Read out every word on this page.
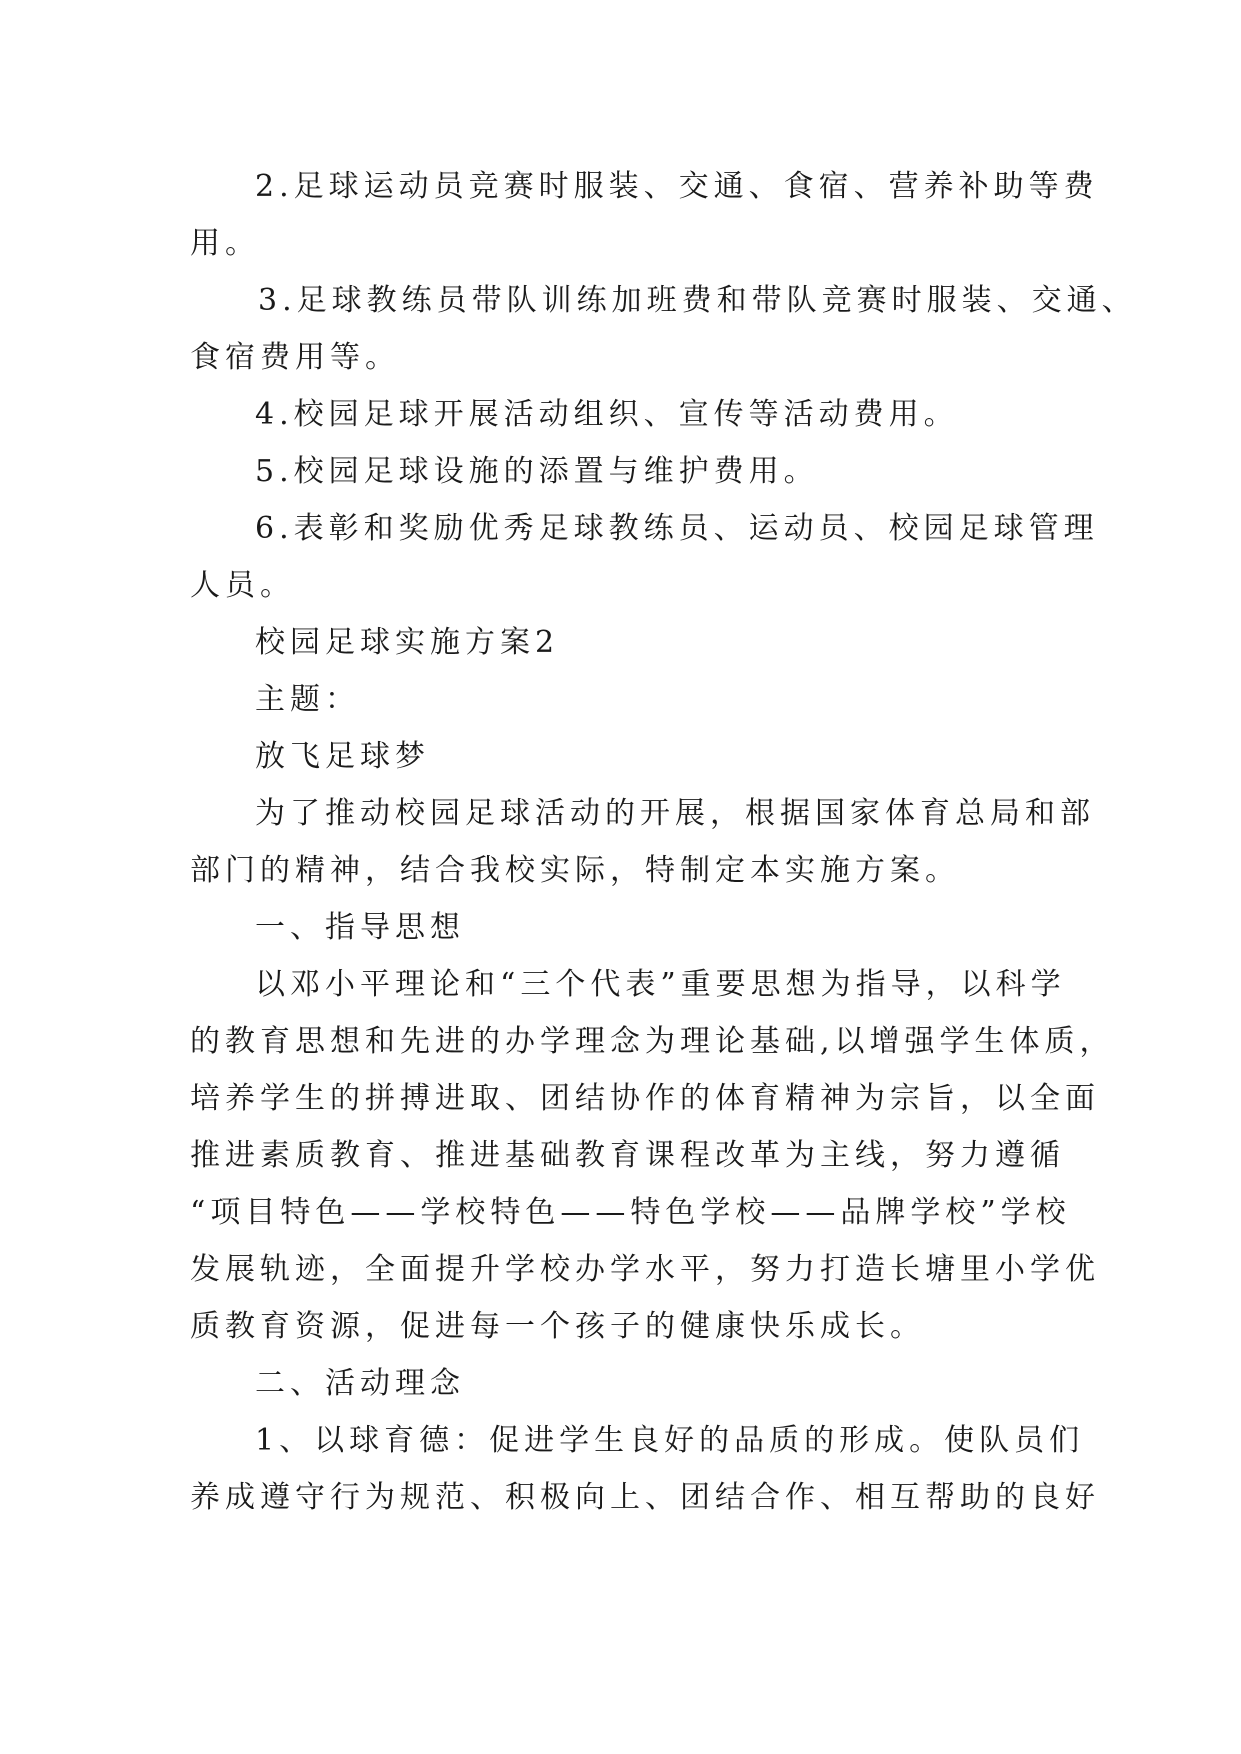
2.足球运动员竞赛时服装、交通、食宿、营养补助等费
用。
3.足球教练员带队训练加班费和带队竞赛时服装、交通、
食宿费用等。
4.校园足球开展活动组织、宣传等活动费用。
5.校园足球设施的添置与维护费用。
6.表彰和奖励优秀足球教练员、运动员、校园足球管理
人员。
校园足球实施方案2
主题：
放飞足球梦
为了推动校园足球活动的开展，根据国家体育总局和部
部门的精神，结合我校实际，特制定本实施方案。
一、指导思想
以邓小平理论和“三个代表”重要思想为指导，以科学
的教育思想和先进的办学理念为理论基础,以增强学生体质，
培养学生的拼搏进取、团结协作的体育精神为宗旨，以全面
推进素质教育、推进基础教育课程改革为主线，努力遵循
“项目特色——学校特色——特色学校——品牌学校”学校
发展轨迹，全面提升学校办学水平，努力打造长塘里小学优
质教育资源，促进每一个孩子的健康快乐成长。
二、活动理念
1、以球育德：促进学生良好的品质的形成。使队员们
养成遵守行为规范、积极向上、团结合作、相互帮助的良好
